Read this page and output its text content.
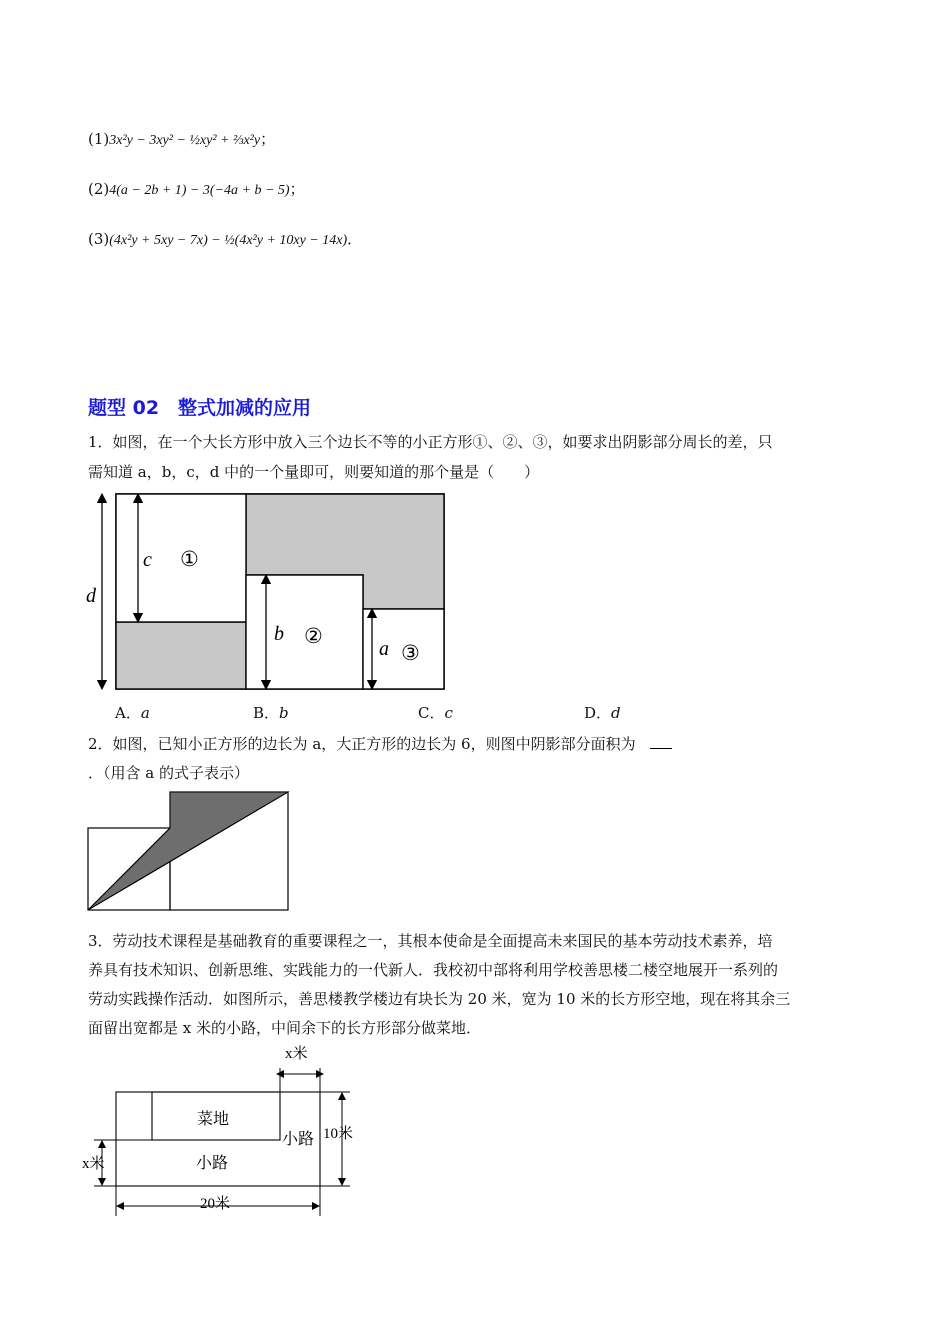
(1)3x²y − 3xy² − ½xy² + ⅔x²y；
(2)4(a − 2b + 1) − 3(−4a + b − 5)；
(3)(4x²y + 5xy − 7x) − ½(4x²y + 10xy − 14x)．
题型 02　整式加减的应用
1．如图，在一个大长方形中放入三个边长不等的小正方形①、②、③，如要求出阴影部分周长的差，只
需知道 a，b，c，d 中的一个量即可，则要知道的那个量是（　　）
d
c ①
b ②
a ③
A．a	B．b	C．c	D．d
2．如图，已知小正方形的边长为 a，大正方形的边长为 6，则图中阴影部分面积为
．（用含 a 的式子表示）
3．劳动技术课程是基础教育的重要课程之一，其根本使命是全面提高未来国民的基本劳动技术素养，培
养具有技术知识、创新思维、实践能力的一代新人．我校初中部将利用学校善思楼二楼空地展开一系列的
劳动实践操作活动．如图所示，善思楼教学楼边有块长为 20 米，宽为 10 米的长方形空地，现在将其余三
面留出宽都是 x 米的小路，中间余下的长方形部分做菜地．
x米
菜地
小路 10米
x米	小路
20米
